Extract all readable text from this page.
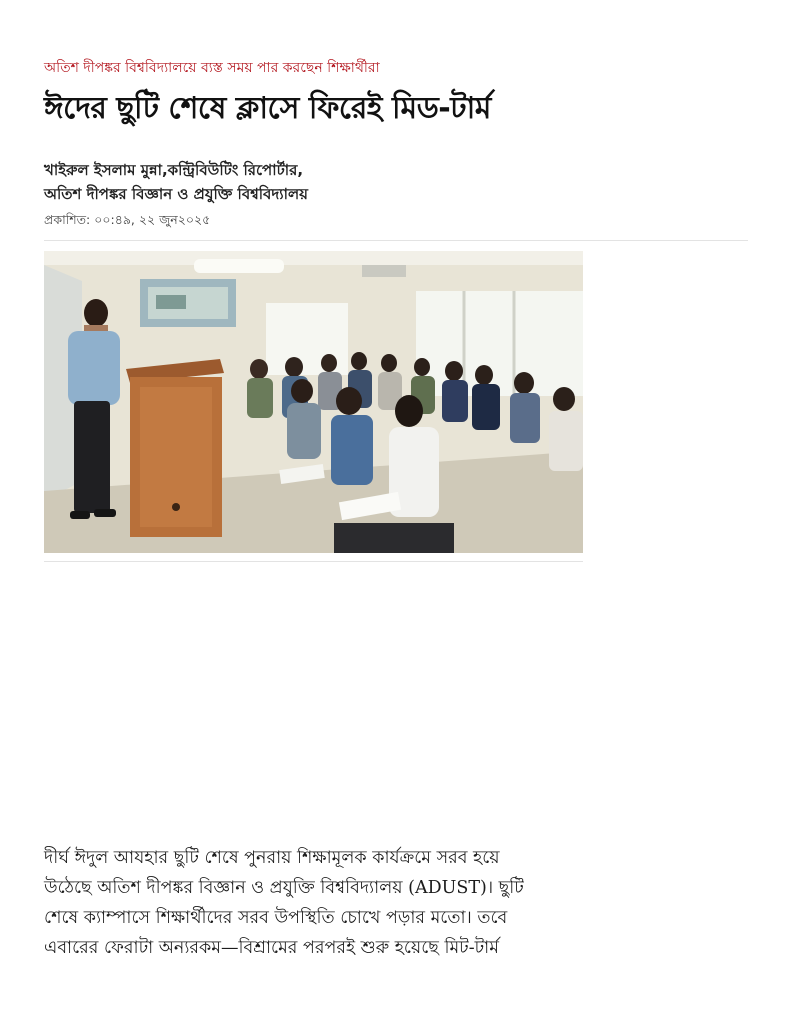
অতিশ দীপঙ্কর বিশ্ববিদ্যালয়ে ব্যস্ত সময় পার করছেন শিক্ষার্থীরা
ঈদের ছুটি শেষে ক্লাসে ফিরেই মিড-টার্ম
খাইরুল ইসলাম মুন্না,কন্ট্রিবিউটিং রিপোর্টার,
অতিশ দীপঙ্কর বিজ্ঞান ও প্রযুক্তি বিশ্ববিদ্যালয়
প্রকাশিত: ০০:৪৯, ২২ জুন২০২৫
দীর্ঘ ঈদুল আযহার ছুটি শেষে পুনরায় শিক্ষামূলক কার্যক্রমে সরব হয়ে
উঠেছে অতিশ দীপঙ্কর বিজ্ঞান ও প্রযুক্তি বিশ্ববিদ্যালয় (ADUST)। ছুটি
শেষে ক্যাম্পাসে শিক্ষার্থীদের সরব উপস্থিতি চোখে পড়ার মতো। তবে
এবারের ফেরাটা অন্যরকম—বিশ্রামের পরপরই শুরু হয়েছে মিট-টার্ম
